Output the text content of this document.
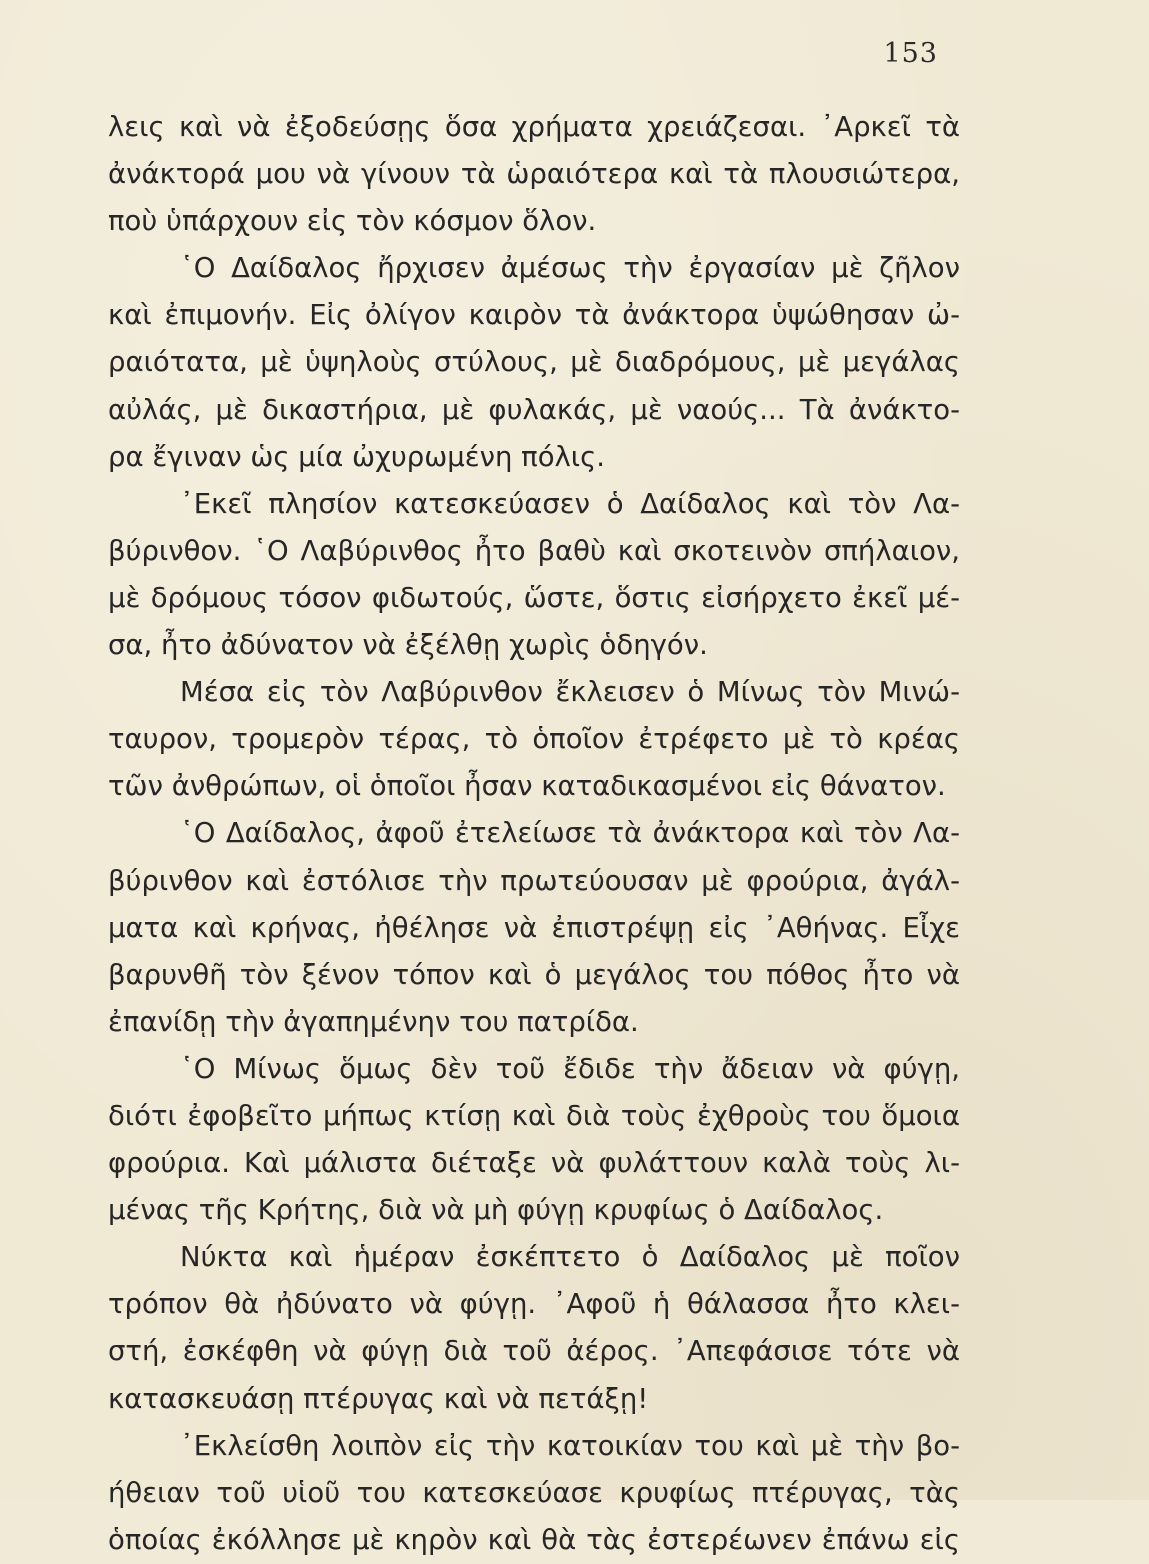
153
λεις καὶ νὰ ἐξοδεύσῃς ὅσα χρήματα χρειάζεσαι. ᾿Αρκεῖ τὰ
ἀνάκτορά μου νὰ γίνουν τὰ ὡραιότερα καὶ τὰ πλουσιώτερα,
ποὺ ὑπάρχουν εἰς τὸν κόσμον ὅλον.
῾Ο Δαίδαλος ἤρχισεν ἀμέσως τὴν ἐργασίαν μὲ ζῆλον
καὶ ἐπιμονήν. Εἰς ὀλίγον καιρὸν τὰ ἀνάκτορα ὑψώθησαν ὠ-
ραιότατα, μὲ ὑψηλοὺς στύλους, μὲ διαδρόμους, μὲ μεγάλας
αὐλάς, μὲ δικαστήρια, μὲ φυλακάς, μὲ ναούς... Τὰ ἀνάκτο-
ρα ἔγιναν ὡς μία ὠχυρωμένη πόλις.
᾿Εκεῖ πλησίον κατεσκεύασεν ὁ Δαίδαλος καὶ τὸν Λα-
βύρινθον. ῾Ο Λαβύρινθος ἦτο βαθὺ καὶ σκοτεινὸν σπήλαιον,
μὲ δρόμους τόσον φιδωτούς, ὥστε, ὅστις εἰσήρχετο ἐκεῖ μέ-
σα, ἦτο ἀδύνατον νὰ ἐξέλθῃ χωρὶς ὁδηγόν.
Μέσα εἰς τὸν Λαβύρινθον ἔκλεισεν ὁ Μίνως τὸν Μινώ-
ταυρον, τρομερὸν τέρας, τὸ ὁποῖον ἐτρέφετο μὲ τὸ κρέας
τῶν ἀνθρώπων, οἱ ὁποῖοι ἦσαν καταδικασμένοι εἰς θάνατον.
῾Ο Δαίδαλος, ἀφοῦ ἐτελείωσε τὰ ἀνάκτορα καὶ τὸν Λα-
βύρινθον καὶ ἐστόλισε τὴν πρωτεύουσαν μὲ φρούρια, ἀγάλ-
ματα καὶ κρήνας, ἠθέλησε νὰ ἐπιστρέψῃ εἰς ᾿Αθήνας. Εἶχε
βαρυνθῆ τὸν ξένον τόπον καὶ ὁ μεγάλος του πόθος ἦτο νὰ
ἐπανίδῃ τὴν ἀγαπημένην του πατρίδα.
῾Ο Μίνως ὅμως δὲν τοῦ ἔδιδε τὴν ἄδειαν νὰ φύγῃ,
διότι ἐφοβεῖτο μήπως κτίσῃ καὶ διὰ τοὺς ἐχθροὺς του ὅμοια
φρούρια. Καὶ μάλιστα διέταξε νὰ φυλάττουν καλὰ τοὺς λι-
μένας τῆς Κρήτης, διὰ νὰ μὴ φύγῃ κρυφίως ὁ Δαίδαλος.
Νύκτα καὶ ἡμέραν ἐσκέπτετο ὁ Δαίδαλος μὲ ποῖον
τρόπον θὰ ἠδύνατο νὰ φύγῃ. ᾿Αφοῦ ἡ θάλασσα ἦτο κλει-
στή, ἐσκέφθη νὰ φύγῃ διὰ τοῦ ἀέρος. ᾿Απεφάσισε τότε νὰ
κατασκευάσῃ πτέρυγας καὶ νὰ πετάξῃ!
᾿Εκλείσθη λοιπὸν εἰς τὴν κατοικίαν του καὶ μὲ τὴν βο-
ήθειαν τοῦ υἱοῦ του κατεσκεύασε κρυφίως πτέρυγας, τὰς
ὁποίας ἐκόλλησε μὲ κηρὸν καὶ θὰ τὰς ἐστερέωνεν ἐπάνω εἰς
